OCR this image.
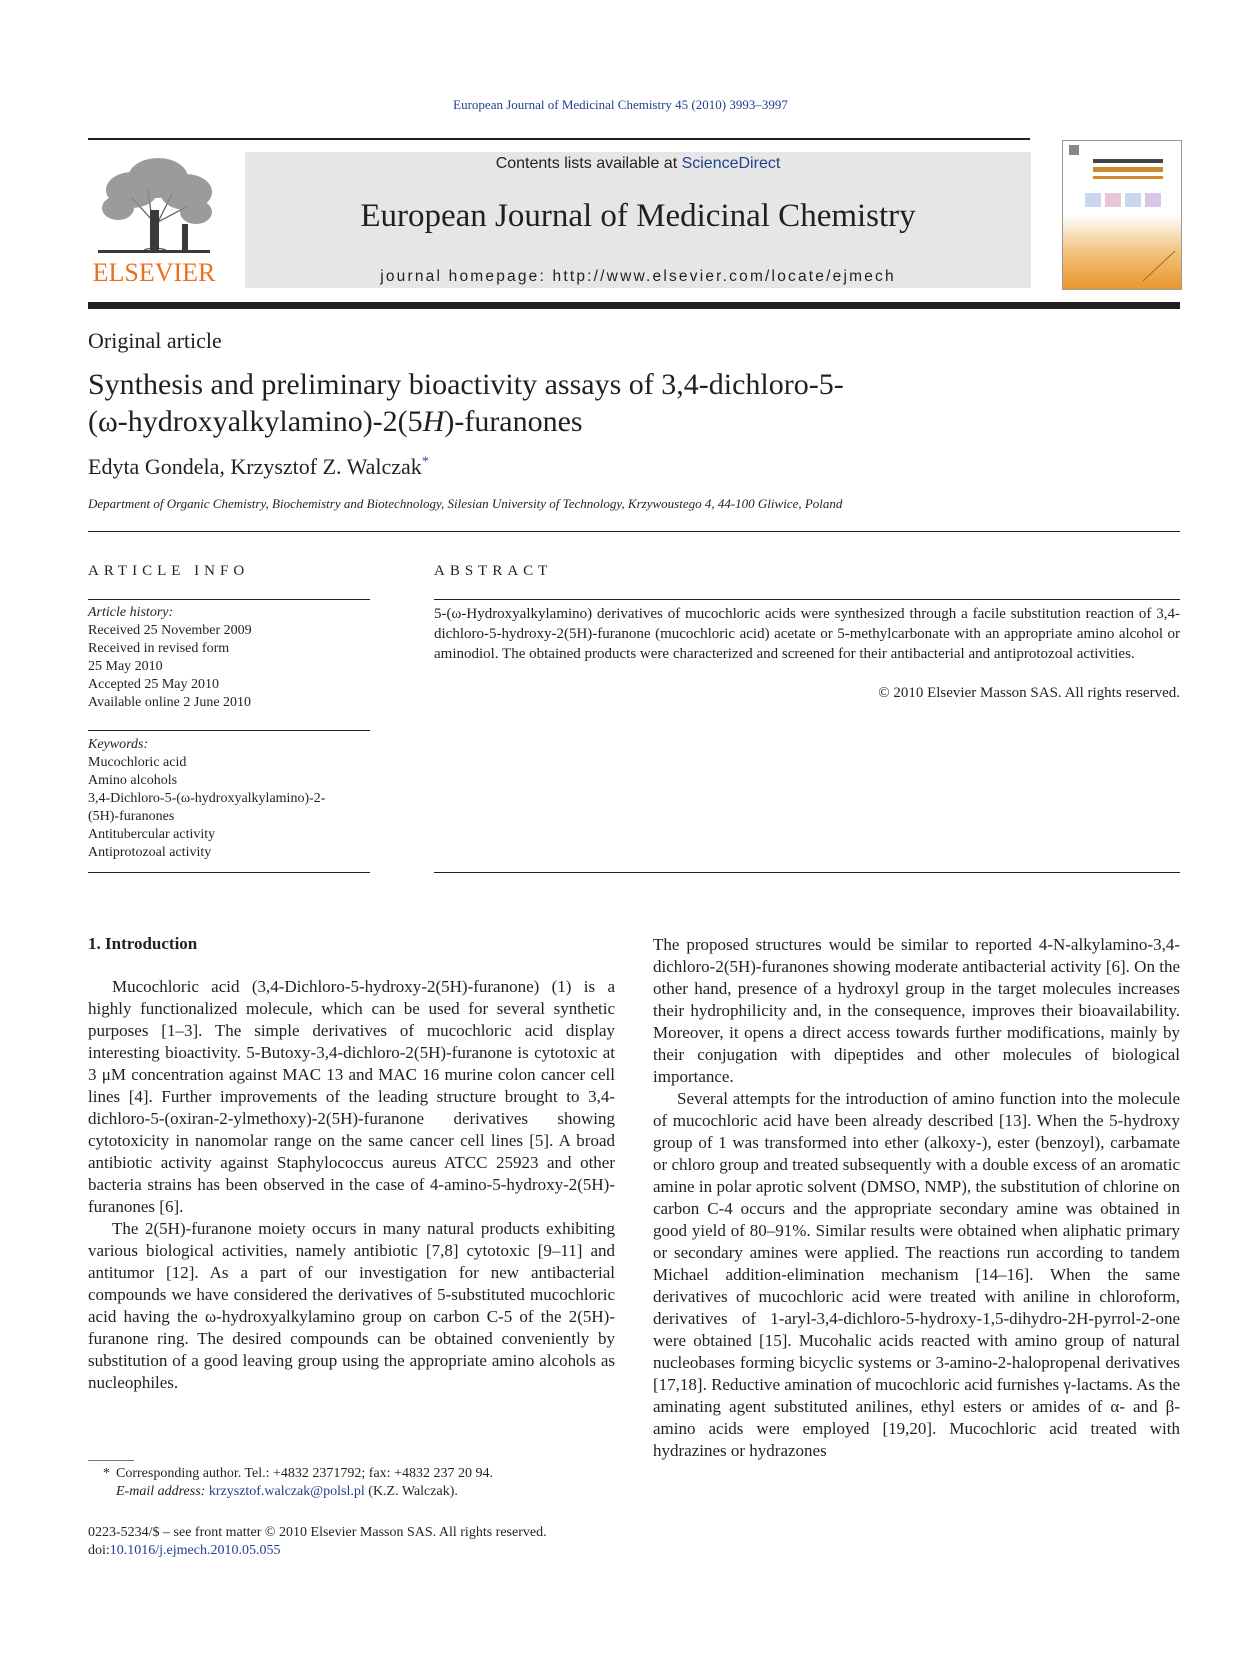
European Journal of Medicinal Chemistry 45 (2010) 3993–3997
ELSEVIER
Contents lists available at ScienceDirect
European Journal of Medicinal Chemistry
journal homepage: http://www.elsevier.com/locate/ejmech
Original article
Synthesis and preliminary bioactivity assays of 3,4-dichloro-5-
(ω-hydroxyalkylamino)-2(5H)-furanones
Edyta Gondela, Krzysztof Z. Walczak*
Department of Organic Chemistry, Biochemistry and Biotechnology, Silesian University of Technology, Krzywoustego 4, 44-100 Gliwice, Poland
ARTICLE INFO	ABSTRACT
Article history:
Received 25 November 2009
Received in revised form
25 May 2010
Accepted 25 May 2010
Available online 2 June 2010
Keywords:
Mucochloric acid
Amino alcohols
3,4-Dichloro-5-(ω-hydroxyalkylamino)-2-
(5H)-furanones
Antitubercular activity
Antiprotozoal activity
5-(ω-Hydroxyalkylamino) derivatives of mucochloric acids were synthesized through a facile substitution reaction of 3,4-dichloro-5-hydroxy-2(5H)-furanone (mucochloric acid) acetate or 5-methylcarbonate with an appropriate amino alcohol or aminodiol. The obtained products were characterized and screened for their antibacterial and antiprotozoal activities.
© 2010 Elsevier Masson SAS. All rights reserved.
1. Introduction

Mucochloric acid (3,4-Dichloro-5-hydroxy-2(5H)-furanone) (1) is a highly functionalized molecule, which can be used for several synthetic purposes [1–3]. The simple derivatives of mucochloric acid display interesting bioactivity. 5-Butoxy-3,4-dichloro-2(5H)-furanone is cytotoxic at 3 μM concentration against MAC 13 and MAC 16 murine colon cancer cell lines [4]. Further improvements of the leading structure brought to 3,4-dichloro-5-(oxiran-2-ylmethoxy)-2(5H)-furanone derivatives showing cytotoxicity in nanomolar range on the same cancer cell lines [5]. A broad antibiotic activity against Staphylococcus aureus ATCC 25923 and other bacteria strains has been observed in the case of 4-amino-5-hydroxy-2(5H)- furanones [6].

The 2(5H)-furanone moiety occurs in many natural products exhibiting various biological activities, namely antibiotic [7,8] cytotoxic [9–11] and antitumor [12]. As a part of our investigation for new antibacterial compounds we have considered the derivatives of 5-substituted mucochloric acid having the ω-hydroxyalkylamino group on carbon C-5 of the 2(5H)-furanone ring. The desired compounds can be obtained conveniently by substitution of a good leaving group using the appropriate amino alcohols as nucleophiles.

The proposed structures would be similar to reported 4-N-alkylamino-3,4-dichloro-2(5H)-furanones showing moderate antibacterial activity [6]. On the other hand, presence of a hydroxyl group in the target molecules increases their hydrophilicity and, in the consequence, improves their bioavailability. Moreover, it opens a direct access towards further modifications, mainly by their conjugation with dipeptides and other molecules of biological importance.

Several attempts for the introduction of amino function into the molecule of mucochloric acid have been already described [13]. When the 5-hydroxy group of 1 was transformed into ether (alkoxy-), ester (benzoyl), carbamate or chloro group and treated subsequently with a double excess of an aromatic amine in polar aprotic solvent (DMSO, NMP), the substitution of chlorine on carbon C-4 occurs and the appropriate secondary amine was obtained in good yield of 80–91%. Similar results were obtained when aliphatic primary or secondary amines were applied. The reactions run according to tandem Michael addition-elimination mechanism [14–16]. When the same derivatives of mucochloric acid were treated with aniline in chloroform, derivatives of 1-aryl-3,4-dichloro-5-hydroxy-1,5-dihydro-2H-pyrrol-2-one were obtained [15]. Mucohalic acids reacted with amino group of natural nucleobases forming bicyclic systems or 3-amino-2-halopropenal derivatives [17,18]. Reductive amination of mucochloric acid furnishes γ-lactams. As the aminating agent substituted anilines, ethyl esters or amides of α- and β-amino acids were employed [19,20]. Mucochloric acid treated with hydrazines or hydrazones

* Corresponding author. Tel.: +4832 2371792; fax: +4832 237 20 94.
E-mail address: krzysztof.walczak@polsl.pl (K.Z. Walczak).
0223-5234/$ – see front matter © 2010 Elsevier Masson SAS. All rights reserved.
doi:10.1016/j.ejmech.2010.05.055
